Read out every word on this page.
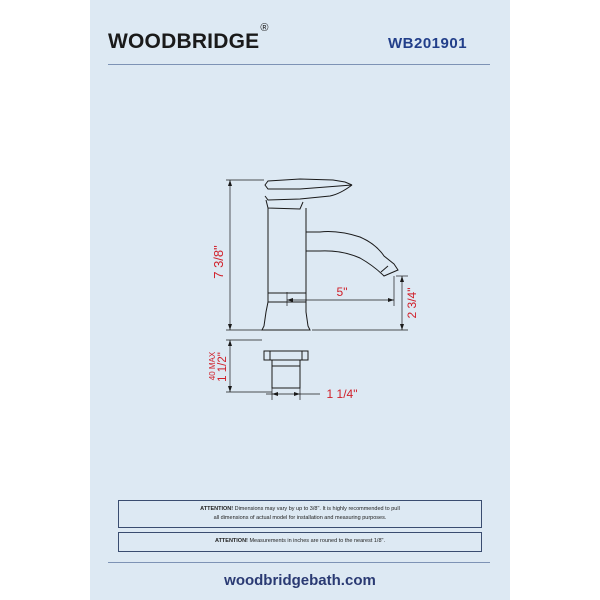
WOODBRIDGE®
WB201901
7 3/8"
5"	2 3/4"
40 MAX 1 1/2"
1 1/4"
ATTENTION! Dimensions may vary by up to 3/8". It is highly recommended to pull
all dimensions of actual model for installation and measuring purposes.
ATTENTION! Measurements in inches are rouned to the nearest 1/8".
woodbridgebath.com
